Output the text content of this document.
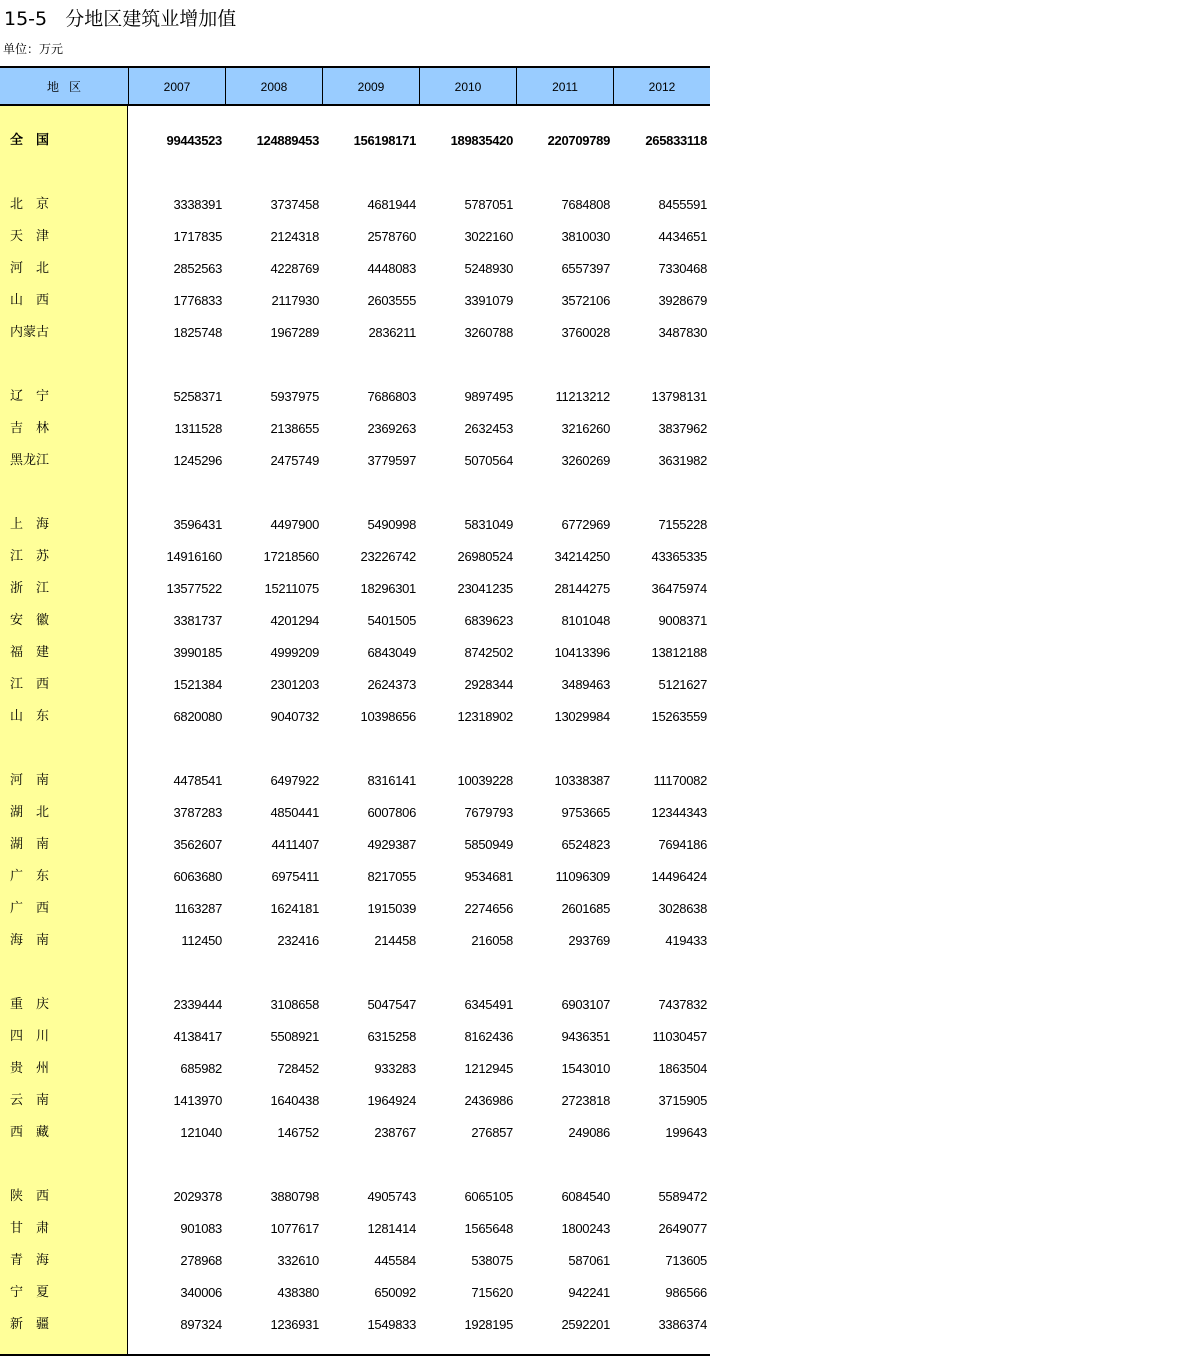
15-5   分地区建筑业增加值
单位：万元
地区	2007	2008	2009	2010	2011	2012
全　国	99443523	124889453	156198171	189835420	220709789	265833118
北　京	3338391	3737458	4681944	5787051	7684808	8455591
天　津	1717835	2124318	2578760	3022160	3810030	4434651
河　北	2852563	4228769	4448083	5248930	6557397	7330468
山　西	1776833	2117930	2603555	3391079	3572106	3928679
内蒙古	1825748	1967289	2836211	3260788	3760028	3487830
辽　宁	5258371	5937975	7686803	9897495	11213212	13798131
吉　林	1311528	2138655	2369263	2632453	3216260	3837962
黑龙江	1245296	2475749	3779597	5070564	3260269	3631982
上　海	3596431	4497900	5490998	5831049	6772969	7155228
江　苏	14916160	17218560	23226742	26980524	34214250	43365335
浙　江	13577522	15211075	18296301	23041235	28144275	36475974
安　徽	3381737	4201294	5401505	6839623	8101048	9008371
福　建	3990185	4999209	6843049	8742502	10413396	13812188
江　西	1521384	2301203	2624373	2928344	3489463	5121627
山　东	6820080	9040732	10398656	12318902	13029984	15263559
河　南	4478541	6497922	8316141	10039228	10338387	11170082
湖　北	3787283	4850441	6007806	7679793	9753665	12344343
湖　南	3562607	4411407	4929387	5850949	6524823	7694186
广　东	6063680	6975411	8217055	9534681	11096309	14496424
广　西	1163287	1624181	1915039	2274656	2601685	3028638
海　南	112450	232416	214458	216058	293769	419433
重　庆	2339444	3108658	5047547	6345491	6903107	7437832
四　川	4138417	5508921	6315258	8162436	9436351	11030457
贵　州	685982	728452	933283	1212945	1543010	1863504
云　南	1413970	1640438	1964924	2436986	2723818	3715905
西　藏	121040	146752	238767	276857	249086	199643
陕　西	2029378	3880798	4905743	6065105	6084540	5589472
甘　肃	901083	1077617	1281414	1565648	1800243	2649077
青　海	278968	332610	445584	538075	587061	713605
宁　夏	340006	438380	650092	715620	942241	986566
新　疆	897324	1236931	1549833	1928195	2592201	3386374
